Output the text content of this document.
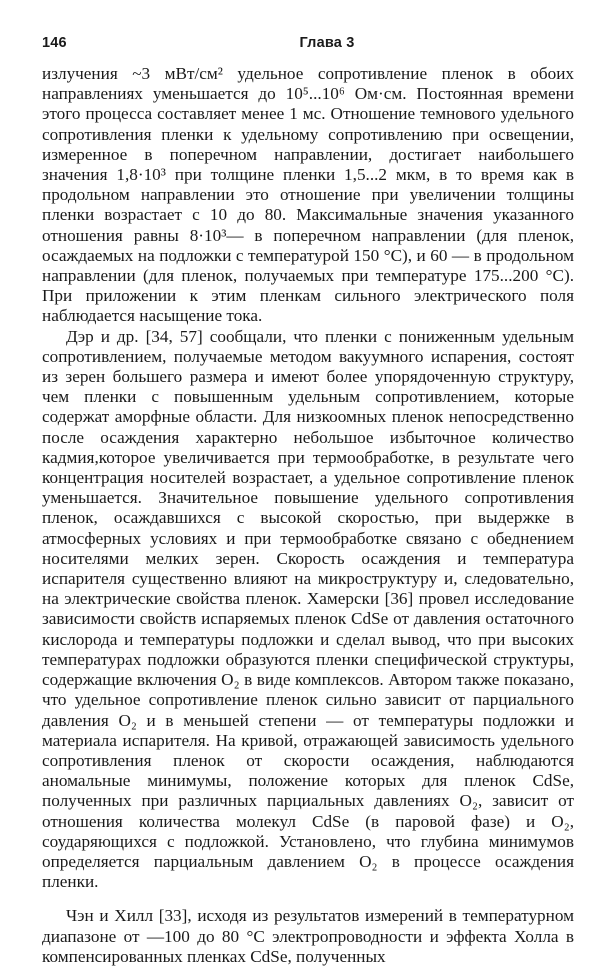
146	Глава 3

излучения ~3 мВт/см² удельное сопротивление пленок в обоих направлениях уменьшается до 10⁵...10⁶ Ом·см. Постоянная времени этого процесса составляет менее 1 мс. Отношение темнового удельного сопротивления пленки к удельному сопротивлению при освещении, измеренное в поперечном направлении, достигает наибольшего значения 1,8·10³ при толщине пленки 1,5...2 мкм, в то время как в продольном направлении это отношение при увеличении толщины пленки возрастает с 10 до 80. Максимальные значения указанного отношения равны 8·10³— в поперечном направлении (для пленок, осаждаемых на подложки с температурой 150 °C), и 60 — в продольном направлении (для пленок, получаемых при температуре 175...200 °C). При приложении к этим пленкам сильного электрического поля наблюдается насыщение тока.

Дэр и др. [34, 57] сообщали, что пленки с пониженным удельным сопротивлением, получаемые методом вакуумного испарения, состоят из зерен большего размера и имеют более упорядоченную структуру, чем пленки с повышенным удельным сопротивлением, которые содержат аморфные области. Для низкоомных пленок непосредственно после осаждения характерно небольшое избыточное количество кадмия,которое увеличивается при термообработке, в результате чего концентрация носителей возрастает, а удельное сопротивление пленок уменьшается. Значительное повышение удельного сопротивления пленок, осаждавшихся с высокой скоростью, при выдержке в атмосферных условиях и при термообработке связано с обеднением носителями мелких зерен. Скорость осаждения и температура испарителя существенно влияют на микроструктуру и, следовательно, на электрические свойства пленок. Хамерски [36] провел исследование зависимости свойств испаряемых пленок CdSe от давления остаточного кислорода и температуры подложки и сделал вывод, что при высоких температурах подложки образуются пленки специфической структуры, содержащие включения O₂ в виде комплексов. Автором также показано, что удельное сопротивление пленок сильно зависит от парциального давления O₂ и в меньшей степени — от температуры подложки и материала испарителя. На кривой, отражающей зависимость удельного сопротивления пленок от скорости осаждения, наблюдаются аномальные минимумы, положение которых для пленок CdSe, полученных при различных парциальных давлениях O₂, зависит от отношения количества молекул CdSe (в паровой фазе) и O₂, соударяющихся с подложкой. Установлено, что глубина минимумов определяется парциальным давлением O₂ в процессе осаждения пленки.

Чэн и Хилл [33], исходя из результатов измерений в температурном диапазоне от —100 до 80 °C электропроводности и эффекта Холла в компенсированных пленках CdSe, полученных
